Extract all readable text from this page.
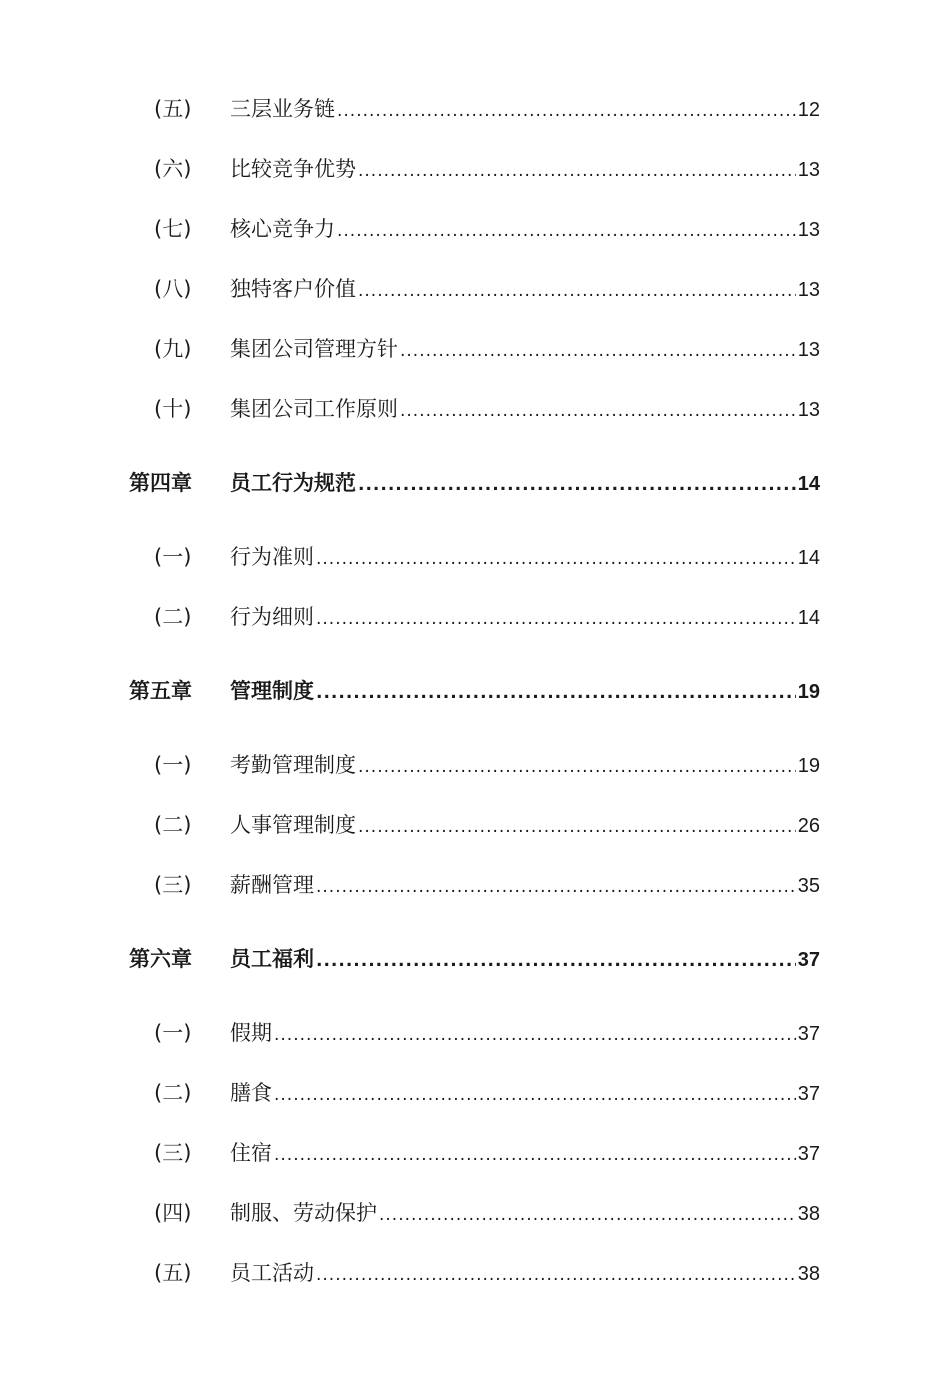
(五) 三层业务链 .....	12
(六) 比较竞争优势 .....	13
(七) 核心竞争力 .....	13
(八) 独特客户价值 .....	13
(九) 集团公司管理方针 .....	13
(十) 集团公司工作原则 .....	13
第四章 员工行为规范 .....	14
(一) 行为准则 .....	14
(二) 行为细则 .....	14
第五章 管理制度 .....	19
(一) 考勤管理制度 .....	19
(二) 人事管理制度 .....	26
(三) 薪酬管理 .....	35
第六章 员工福利 .....	37
(一) 假期 .....	37
(二) 膳食 .....	37
(三) 住宿 .....	37
(四) 制服、劳动保护 .....	38
(五) 员工活动 .....	38
